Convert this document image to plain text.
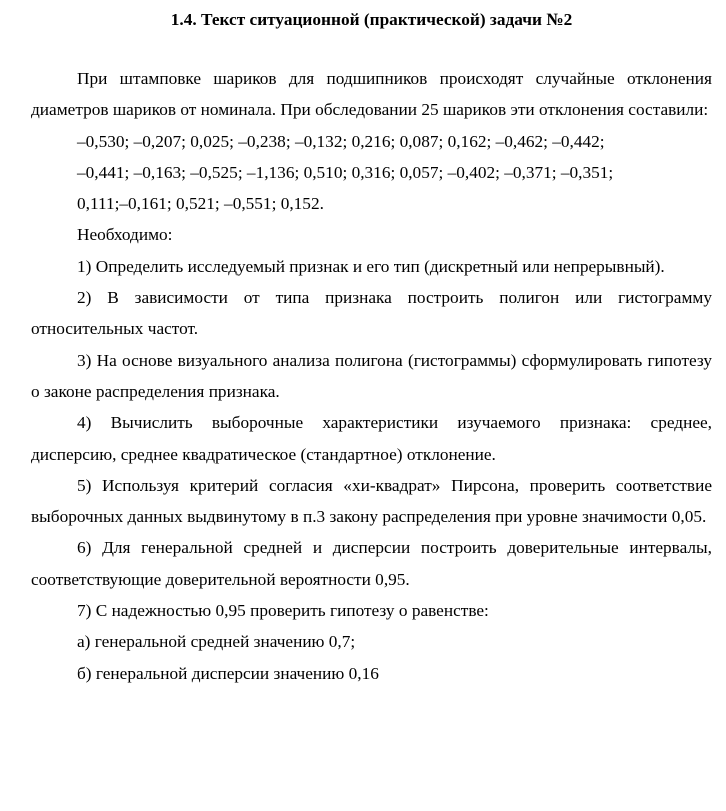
1.4. Текст ситуационной (практической) задачи №2

При штамповке шариков для подшипников происходят случайные отклонения диаметров шариков от номинала. При обследовании 25 шариков эти отклонения составили:

–0,530; –0,207; 0,025; –0,238; –0,132; 0,216; 0,087; 0,162; –0,462; –0,442;

–0,441; –0,163; –0,525; –1,136; 0,510; 0,316; 0,057; –0,402; –0,371; –0,351;

0,111;–0,161; 0,521; –0,551; 0,152.

Необходимо:

1) Определить исследуемый признак и его тип (дискретный или непрерывный).

2) В зависимости от типа признака построить полигон или гистограмму относительных частот.

3) На основе визуального анализа полигона (гистограммы) сформулировать гипотезу о законе распределения признака.

4) Вычислить выборочные характеристики изучаемого признака: среднее, дисперсию, среднее квадратическое (стандартное) отклонение.

5) Используя критерий согласия «хи-квадрат» Пирсона, проверить соответствие выборочных данных выдвинутому в п.3 закону распределения при уровне значимости 0,05.

6) Для генеральной средней и дисперсии построить доверительные интервалы, соответствующие доверительной вероятности 0,95.

7) С надежностью 0,95 проверить гипотезу о равенстве:

а) генеральной средней значению 0,7;

б) генеральной дисперсии значению 0,16
